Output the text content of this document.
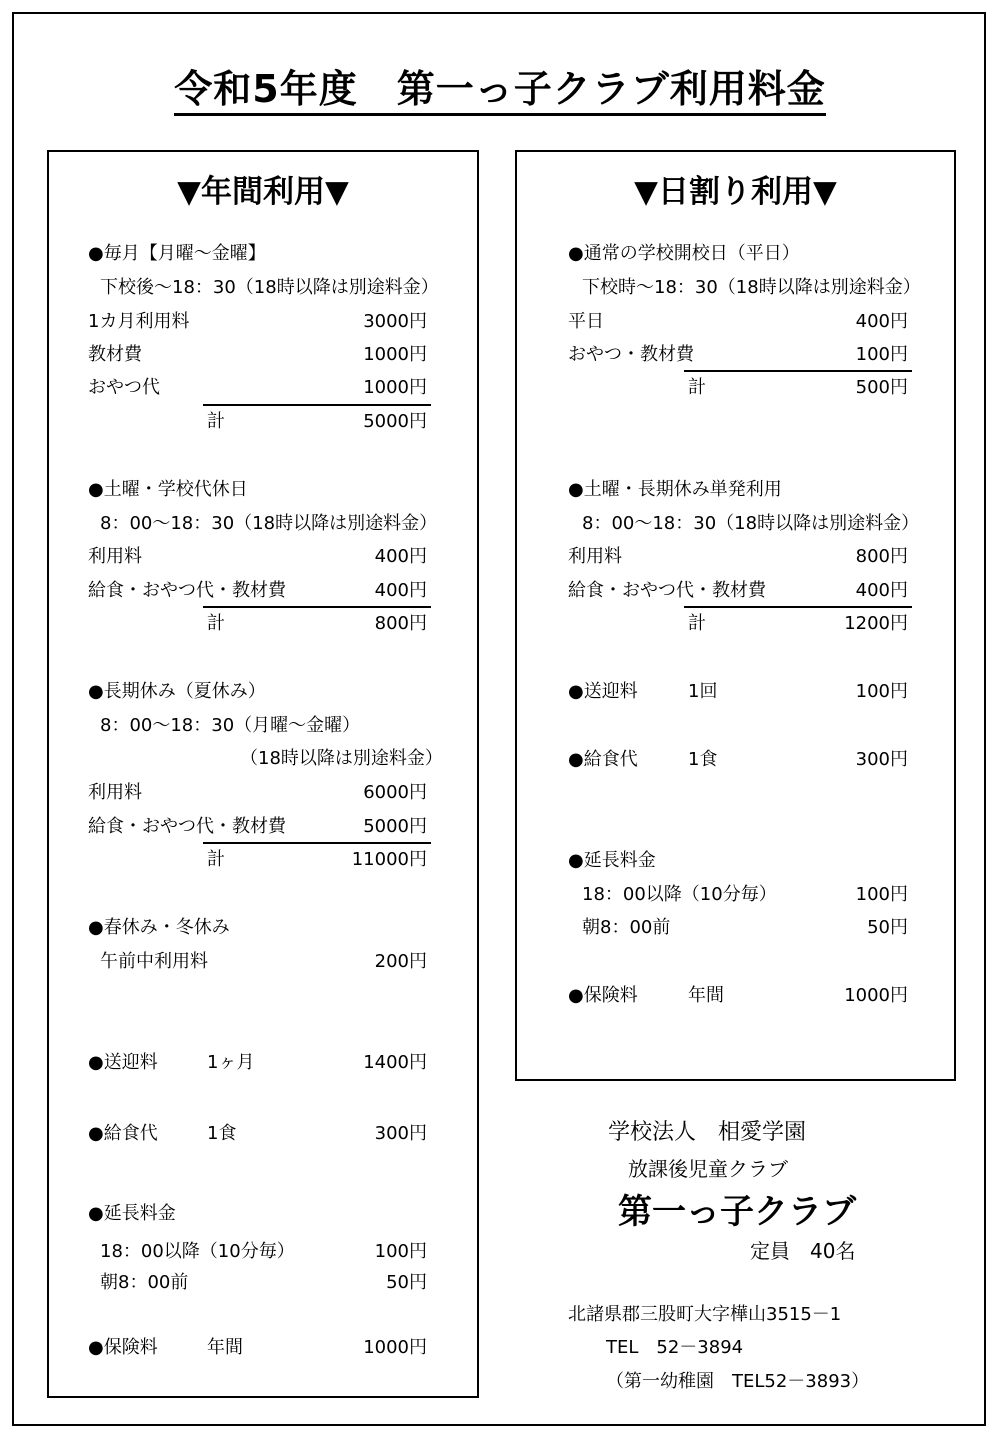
令和5年度　第一っ子クラブ利用料金
▼年間利用▼
●毎月【月曜～金曜】
下校後～18：30（18時以降は別途料金）
1カ月利用料	3000円
教材費	1000円
おやつ代	1000円
計	5000円
●土曜・学校代休日
8：00～18：30（18時以降は別途料金）
利用料	400円
給食・おやつ代・教材費	400円
計	800円
●長期休み（夏休み）
8：00～18：30（月曜～金曜）
（18時以降は別途料金）
利用料	6000円
給食・おやつ代・教材費	5000円
計	11000円
●春休み・冬休み
午前中利用料	200円
●送迎料	1ヶ月	1400円
●給食代	1食	300円
●延長料金
18：00以降（10分毎）	100円
朝8：00前	50円
●保険料	年間	1000円
▼日割り利用▼
●通常の学校開校日（平日）
下校時～18：30（18時以降は別途料金）
平日	400円
おやつ・教材費	100円
計	500円
●土曜・長期休み単発利用
8：00～18：30（18時以降は別途料金）
利用料	800円
給食・おやつ代・教材費	400円
計	1200円
●送迎料	1回	100円
●給食代	1食	300円
●延長料金
18：00以降（10分毎）	100円
朝8：00前	50円
●保険料	年間	1000円
学校法人　相愛学園
放課後児童クラブ
第一っ子クラブ
定員　40名
北諸県郡三股町大字樺山3515－1
TEL　52－3894
（第一幼稚園　TEL52－3893）
